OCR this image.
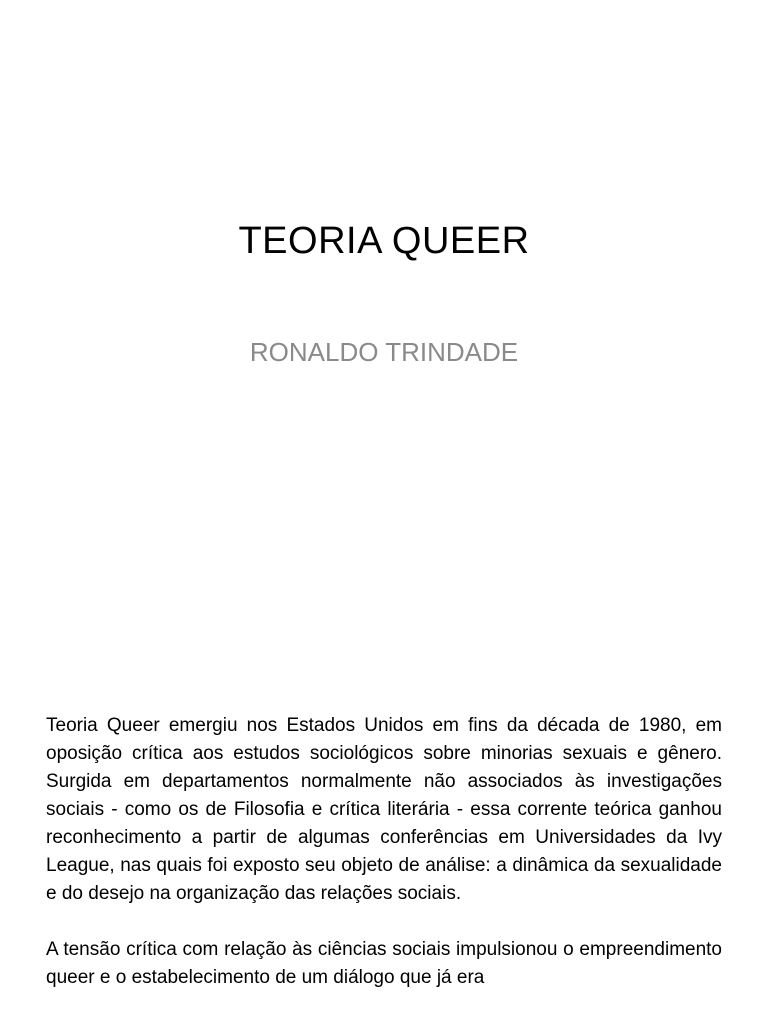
TEORIA QUEER
RONALDO TRINDADE

Teoria Queer emergiu nos Estados Unidos em fins da década de 1980, em oposição crítica aos estudos sociológicos sobre minorias sexuais e gênero. Surgida em departamentos normalmente não associados às investigações sociais - como os de Filosofia e crítica literária - essa corrente teórica ganhou reconhecimento a partir de algumas conferências em Universidades da Ivy League, nas quais foi exposto seu objeto de análise: a dinâmica da sexualidade e do desejo na organização das relações sociais.

A tensão crítica com relação às ciências sociais impulsionou o empreendimento queer e o estabelecimento de um diálogo que já era
